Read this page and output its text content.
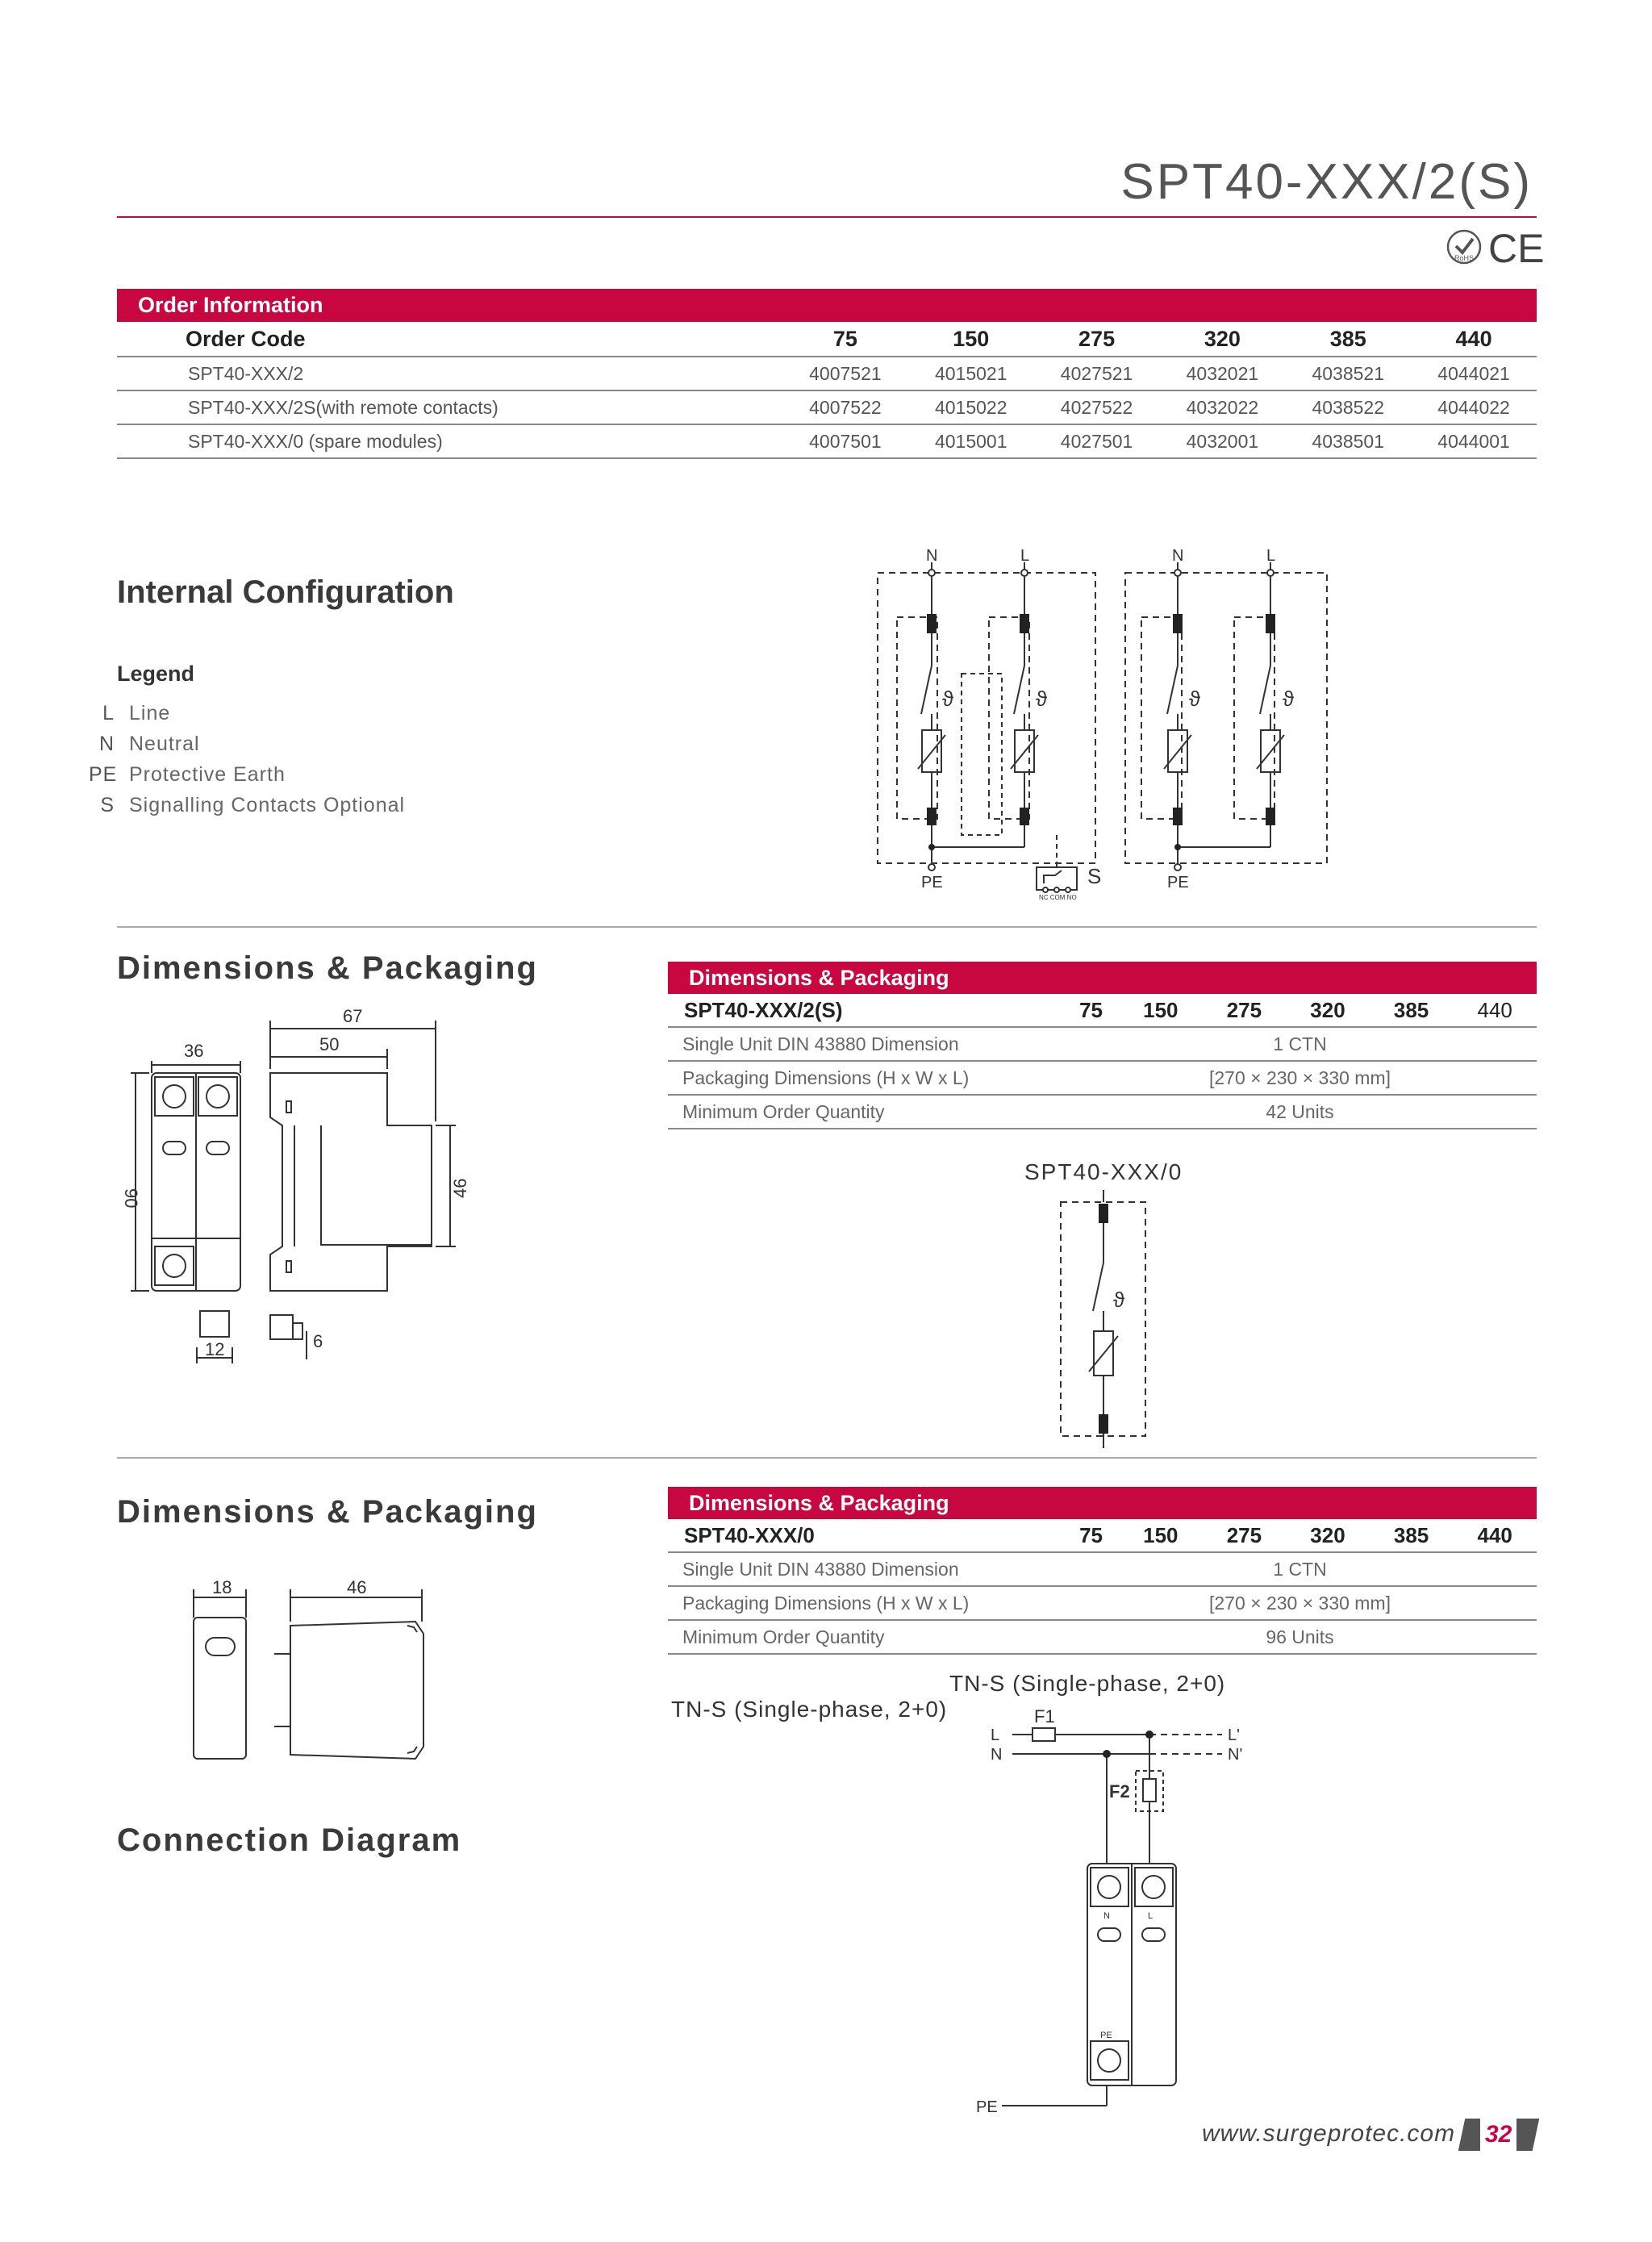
SPT40-XXX/2(S)
RoHS CE
Order Information
Order Code	75	150	275	320	385	440
SPT40-XXX/2	4007521	4015021	4027521	4032021	4038521	4044021
SPT40-XXX/2S(with remote contacts)	4007522	4015022	4027522	4032022	4038522	4044022
SPT40-XXX/0 (spare modules)	4007501	4015001	4027501	4032001	4038501	4044001
Internal Configuration
Legend
L Line
N Neutral
PE Protective Earth
S Signalling Contacts Optional
N	L	N	L
PE	PE
S
ϑ	ϑ	ϑ	ϑ
NC COM NO
Dimensions & Packaging	Dimensions & Packaging
SPT40-XXX/2(S)	75	150	275	320	385	440
Single Unit DIN 43880 Dimension	1 CTN					
Packaging Dimensions (H x W x L)	[270 × 230 × 330 mm]					
Minimum Order Quantity	42 Units					
36
67
50
90
46
12	6
SPT40-XXX/0
ϑ
Dimensions & Packaging	Dimensions & Packaging
SPT40-XXX/0	75	150	275	320	385	440
Single Unit DIN 43880 Dimension	1 CTN					
Packaging Dimensions (H x W x L)	[270 × 230 × 330 mm]					
Minimum Order Quantity	96 Units					
18	46
Connection Diagram
TN-S (Single-phase, 2+0)
TN-S (Single-phase, 2+0)
L
N
L'
N'
F1
F2
PE
N	L
PE
www.surgeprotec.com	32
